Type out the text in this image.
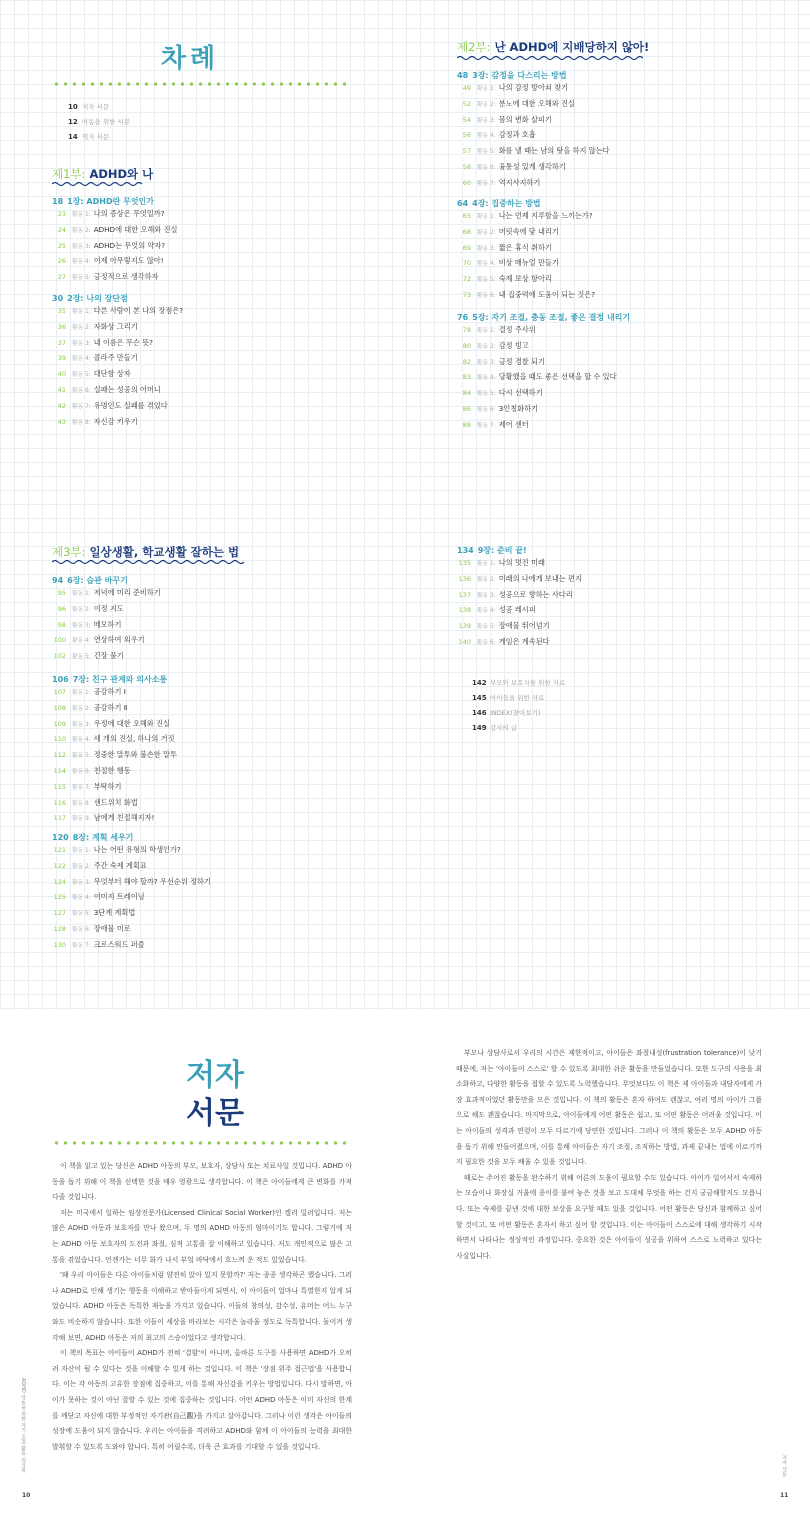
차례
10 저자 서문
12 아동을 위한 서문
14 역자 서문
제1부: ADHD와 나
18 1장: ADHD란 무엇인가
23 활동 1: 나의 증상은 무엇일까?
24 활동 2: ADHD에 대한 오해와 진실
25 활동 3: ADHD는 무엇의 약자?
26 활동 4: 이제 아무렇지도 않아!
27 활동 5: 긍정적으로 생각하자
30 2장: 나의 장단점
35 활동 1: 다른 사람이 본 나의 장점은?
36 활동 2: 자화상 그리기
37 활동 3: 내 이름은 무슨 뜻?
39 활동 4: 콜라주 만들기
40 활동 5: 대단함 상자
41 활동 6: 실패는 성공의 어머니
42 활동 7: 유명인도 실패를 겪었다
43 활동 8: 자신감 키우기
제2부: 난 ADHD에 지배당하지 않아!
48 3장: 감정을 다스리는 방법
49 활동 1: 나의 감정 방아쇠 찾기
52 활동 2: 분노에 대한 오해와 진실
54 활동 3: 몸의 변화 살피기
56 활동 4: 감정과 호흡
57 활동 5: 화를 낼 때는 남의 탓을 하지 않는다
58 활동 6: 융통성 있게 생각하기
60 활동 7: 역지사지하기
64 4장: 집중하는 방법
65 활동 1: 나는 언제 지루함을 느끼는가?
68 활동 2: 머릿속에 닻 내리기
69 활동 3: 짧은 휴식 취하기
70 활동 4: 비상 매뉴얼 만들기
72 활동 5: 숙제 보상 항아리
73 활동 6: 내 집중력에 도움이 되는 것은?
76 5장: 자기 조절, 충동 조절, 좋은 결정 내리기
78 활동 1: 결정 주사위
80 활동 2: 감정 빙고
82 활동 3: 긍정 경찰 되기
83 활동 4: 당황했을 때도 좋은 선택을 할 수 있다
84 활동 5: 다시 선택하기
86 활동 6: 3인칭화하기
88 활동 7: 제어 센터
제3부: 일상생활, 학교생활 잘하는 법
94 6장: 습관 바꾸기
95 활동 1: 저녁에 미리 준비하기
96 활동 2: 이정 지도
98 활동 3: 메모하기
100 활동 4: 연상하여 외우기
102 활동 5: 긴장 풀기
106 7장: 친구 관계와 의사소통
107 활동 1: 공감하기 Ⅰ
108 활동 2: 공감하기 Ⅱ
109 활동 3: 우정에 대한 오해와 진실
110 활동 4: 세 개의 진실, 하나의 거짓
112 활동 5: 정중한 말투와 불손한 말투
114 활동 6: 친절한 행동
115 활동 7: 부탁하기
116 활동 8: 샌드위치 화법
117 활동 9: 남에게 친절해지자!
120 8장: 계획 세우기
121 활동 1: 나는 어떤 유형의 학생인가?
122 활동 2: 주간 숙제 계획표
124 활동 3: 무엇부터 해야 할까? 우선순위 정하기
125 활동 4: 이미지 트레이닝
127 활동 5: 3단계 계획법
128 활동 6: 장애물 미로
130 활동 7: 크로스워드 퍼즐
134 9장: 준비 끝!
135 활동 1: 나의 멋진 미래
136 활동 2: 미래의 나에게 보내는 편지
137 활동 3: 성공으로 향하는 사다리
138 활동 4: 성공 레시피
139 활동 5: 장애물 뛰어넘기
140 활동 6: 게임은 계속된다
142 부모와 보호자를 위한 자료
145 아이들을 위한 자료
146 INDEX(찾아보기)
149 감사의 글
저자
서문

이 책을 읽고 있는 당신은 ADHD 아동의 부모, 보호자, 상담사 또는 치료사일 것입니다. ADHD 아동을 돕기 위해 이 책을 선택한 것을 매우 영광으로 생각합니다. 이 책은 아이들에게 큰 변화를 가져다줄 것입니다.

저는 미국에서 일하는 임상전문가(Licensed Clinical Social Worker)인 켈리 밀러입니다. 저는 많은 ADHD 아동과 보호자를 만나 왔으며, 두 명의 ADHD 아동의 엄마이기도 합니다. 그렇기에 저는 ADHD 아동 보호자의 도전과 좌절, 심적 고통을 잘 이해하고 있습니다. 저도 개인적으로 많은 고통을 겪었습니다. 언젠가는 너무 화가 나서 부엌 바닥에서 흐느껴 운 적도 있었습니다.

'왜 우리 아이들은 다른 아이들처럼 얌전히 앉아 있지 못할까?' 저는 종종 생각하곤 했습니다. 그러나 ADHD로 인해 생기는 행동을 이해하고 받아들이게 되면서, 이 아이들이 얼마나 특별한지 알게 되었습니다. ADHD 아동은 독특한 재능을 가지고 있습니다. 이들의 창의성, 감수성, 유머는 어느 누구와도 비슷하지 않습니다. 또한 이들이 세상을 바라보는 시각은 놀라울 정도로 독특합니다. 돌이켜 생각해 보면, ADHD 아동은 저의 최고의 스승이었다고 생각합니다.

이 책의 목표는 아이들이 ADHD가 전혀 '결함'이 아니며, 올바른 도구를 사용하면 ADHD가 오히려 자산이 될 수 있다는 것을 이해할 수 있게 하는 것입니다. 이 책은 '장점 위주 접근법'을 사용합니다. 이는 각 아동의 고유한 장점에 집중하고, 이를 통해 자신감을 키우는 방법입니다. 다시 말하면, 아이가 못하는 것이 아닌 잘할 수 있는 것에 집중하는 것입니다. 어떤 ADHD 아동은 이미 자신의 한계를 깨닫고 자신에 대한 부정적인 자기관(自己觀)을 가지고 살아갑니다. 그러나 이런 생각은 아이들의 성장에 도움이 되지 않습니다. 우리는 아이들을 격려하고 ADHD와 함께 이 아이들의 능력을 최대한 발휘할 수 있도록 도와야 합니다. 특히 어릴수록, 더욱 큰 효과를 기대할 수 있을 것입니다.

부모나 상담사로서 우리의 시간은 제한적이고, 아이들은 좌절내성(frustration tolerance)이 낮기 때문에, 저는 '아이들이 스스로' 할 수 있도록 최대한 쉬운 활동을 만들었습니다. 또한 도구의 사용을 최소화하고, 다양한 활동을 접할 수 있도록 노력했습니다. 무엇보다도 이 책은 제 아이들과 내담자에게 가장 효과적이었던 활동만을 모은 것입니다. 이 책의 활동은 혼자 하여도 괜찮고, 여러 명의 아이가 그룹으로 해도 괜찮습니다. 마지막으로, 아이들에게 어떤 활동은 쉽고, 또 어떤 활동은 어려울 것입니다. 이는 아이들의 성격과 연령이 모두 다르기에 당연한 것입니다. 그러나 이 책의 활동은 모두 ADHD 아동을 돕기 위해 만들어졌으며, 이를 통해 아이들은 자기 조절, 조직하는 방법, 과제 끝내는 법에 이르기까지 필요한 것을 모두 배울 수 있을 것입니다.

때로는 주어진 활동을 완수하기 위해 어른의 도움이 필요할 수도 있습니다. 아이가 일어서서 숙제하는 모습이나 화장실 거울에 종이를 붙여 놓은 것을 보고 도대체 무엇을 하는 건지 궁금해할지도 모릅니다. 또는 숙제를 끝낸 것에 대한 보상을 요구할 때도 있을 것입니다. 어떤 활동은 당신과 함께하고 싶어 할 것이고, 또 어떤 활동은 혼자서 하고 싶어 할 것입니다. 이는 아이들이 스스로에 대해 생각하기 시작하면서 나타나는 정상적인 과정입니다. 중요한 것은 아이들이 성공을 위하여 스스로 노력하고 있다는 사실입니다.

ADHD 아동을 위한 자기 조절 활동 워크북	저자 서문
10	11
